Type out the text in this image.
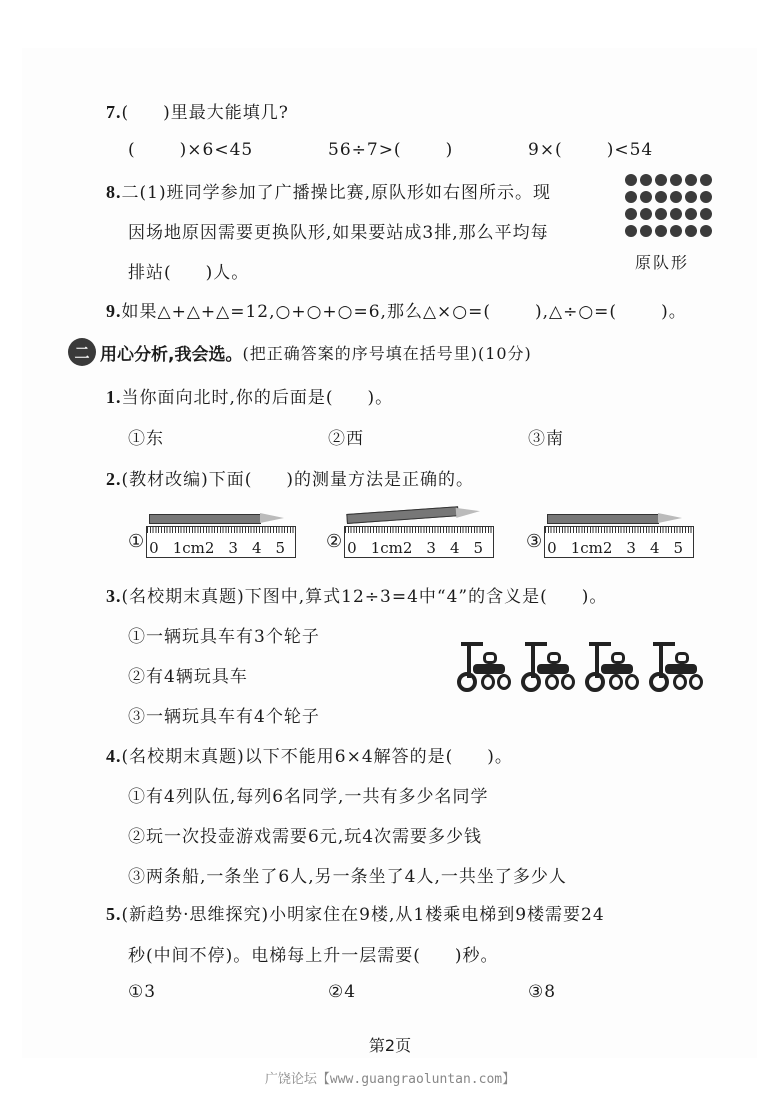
7.( )里最大能填几?
(	)×6<45	56÷7>(	)	9×(	)<54
8.二(1)班同学参加了广播操比赛,原队形如右图所示。现
因场地原因需要更换队形,如果要站成3排,那么平均每
排站( )人。
原队形
9.如果△+△+△=12,○+○+○=6,那么△×○=(	),△÷○=(	)。
二 用心分析,我会选。 (把正确答案的序号填在括号里)(10分)
1.当你面向北时,你的后面是( )。
①东	②西	③南
2.(教材改编)下面( )的测量方法是正确的。
① 0 1cm 2 3 4 5 ② 0 1cm 2 3 4 5 ③ 0 1cm 2 3 4 5
3.(名校期末真题)下图中,算式12÷3=4中“4”的含义是( )。
①一辆玩具车有3个轮子
②有4辆玩具车
③一辆玩具车有4个轮子
4.(名校期末真题)以下不能用6×4解答的是( )。
①有4列队伍,每列6名同学,一共有多少名同学
②玩一次投壶游戏需要6元,玩4次需要多少钱
③两条船,一条坐了6人,另一条坐了4人,一共坐了多少人
5.(新趋势·思维探究)小明家住在9楼,从1楼乘电梯到9楼需要24
秒(中间不停)。电梯每上升一层需要( )秒。
①3	②4	③8
第2页
广饶论坛【www.guangraoluntan.com】
